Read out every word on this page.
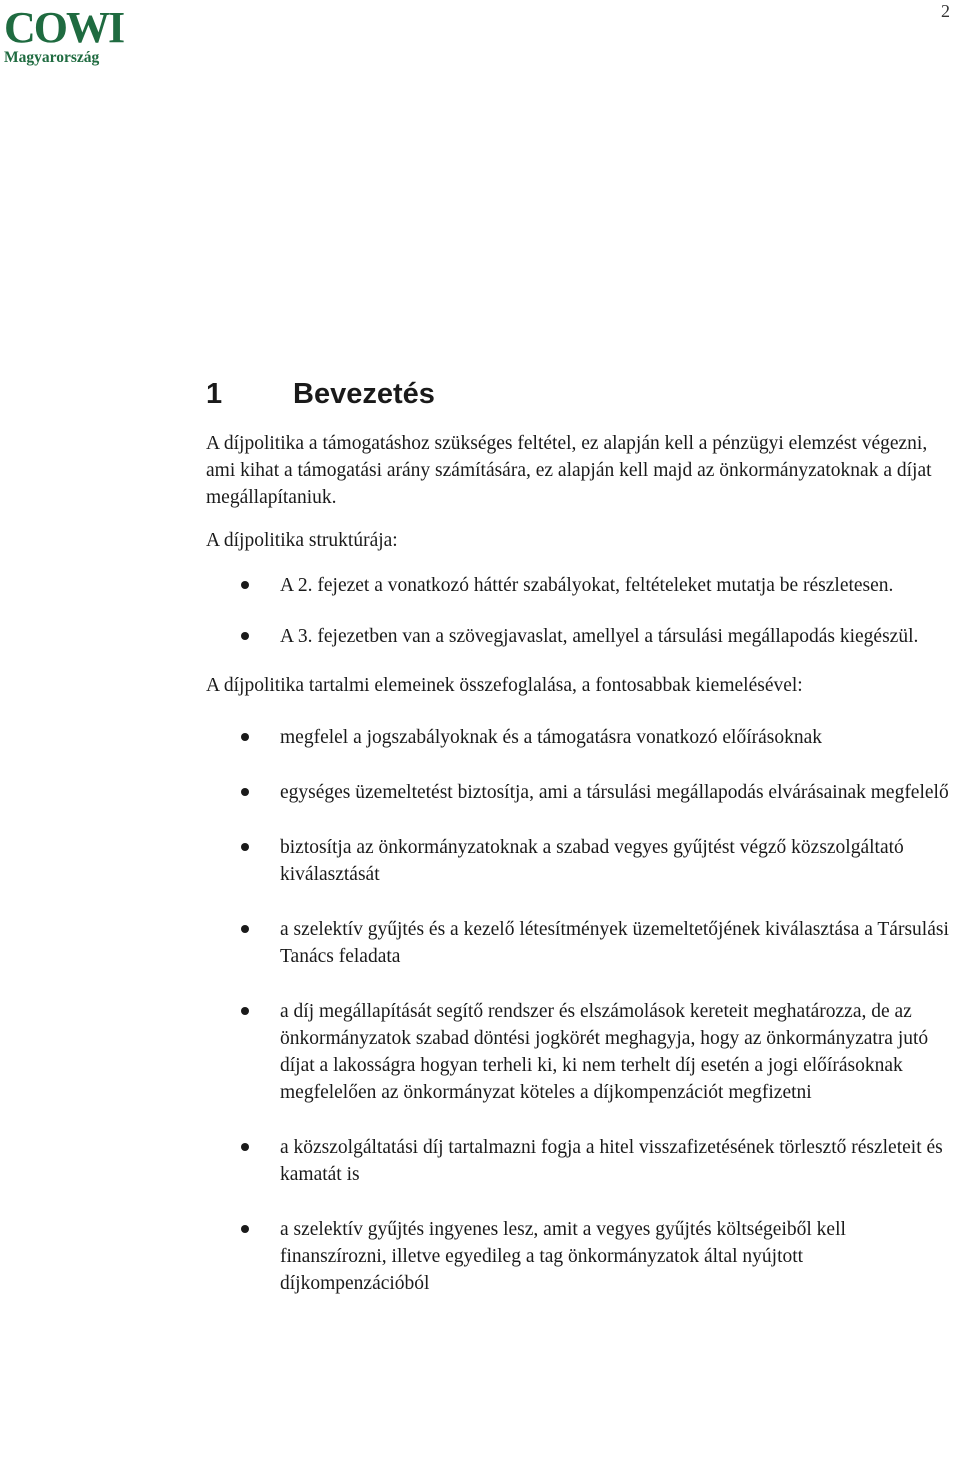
COWI
Magyarország
2
1	Bevezetés

A díjpolitika a támogatáshoz szükséges feltétel, ez alapján kell a pénzügyi elemzést végezni, ami kihat a támogatási arány számítására, ez alapján kell majd az önkormányzatoknak a díjat megállapítaniuk.

A díjpolitika struktúrája:

A 2. fejezet a vonatkozó háttér szabályokat, feltételeket mutatja be részletesen.
A 3. fejezetben van a szövegjavaslat, amellyel a társulási megállapodás kiegészül.

A díjpolitika tartalmi elemeinek összefoglalása, a fontosabbak kiemelésével:

megfelel a jogszabályoknak és a támogatásra vonatkozó előírásoknak
egységes üzemeltetést biztosítja, ami a társulási megállapodás elvárásainak megfelelő
biztosítja az önkormányzatoknak a szabad vegyes gyűjtést végző közszolgáltató kiválasztását
a szelektív gyűjtés és a kezelő létesítmények üzemeltetőjének kiválasztása a Társulási Tanács feladata
a díj megállapítását segítő rendszer és elszámolások kereteit meghatározza, de az önkormányzatok szabad döntési jogkörét meghagyja, hogy az önkormányzatra jutó díjat a lakosságra hogyan terheli ki, ki nem terhelt díj esetén a jogi előírásoknak megfelelően az önkormányzat köteles a díjkompenzációt megfizetni
a közszolgáltatási díj tartalmazni fogja a hitel visszafizetésének törlesztő részleteit és kamatát is
a szelektív gyűjtés ingyenes lesz, amit a vegyes gyűjtés költségeiből kell finanszírozni, illetve egyedileg a tag önkormányzatok által nyújtott díjkompenzációból
